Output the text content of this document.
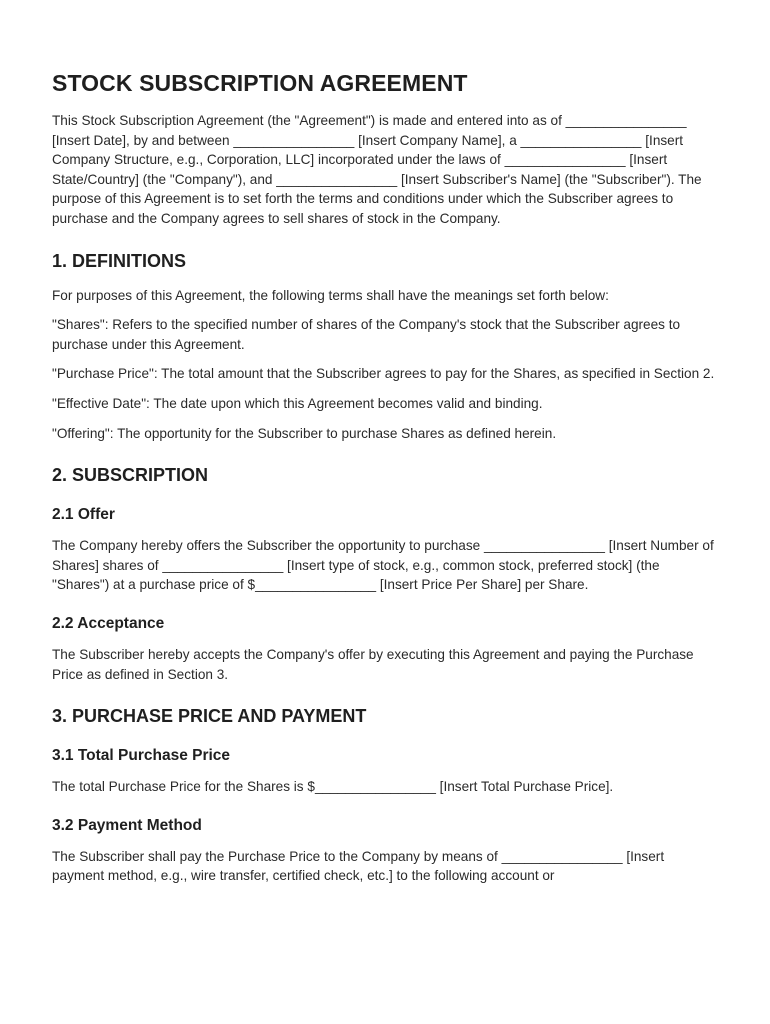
STOCK SUBSCRIPTION AGREEMENT

This Stock Subscription Agreement (the "Agreement") is made and entered into as of ________________ [Insert Date], by and between ________________ [Insert Company Name], a ________________ [Insert Company Structure, e.g., Corporation, LLC] incorporated under the laws of ________________ [Insert State/Country] (the "Company"), and ________________ [Insert Subscriber's Name] (the "Subscriber"). The purpose of this Agreement is to set forth the terms and conditions under which the Subscriber agrees to purchase and the Company agrees to sell shares of stock in the Company.

1. DEFINITIONS

For purposes of this Agreement, the following terms shall have the meanings set forth below:

"Shares": Refers to the specified number of shares of the Company's stock that the Subscriber agrees to purchase under this Agreement.

"Purchase Price": The total amount that the Subscriber agrees to pay for the Shares, as specified in Section 2.

"Effective Date": The date upon which this Agreement becomes valid and binding.

"Offering": The opportunity for the Subscriber to purchase Shares as defined herein.

2. SUBSCRIPTION
2.1 Offer

The Company hereby offers the Subscriber the opportunity to purchase ________________ [Insert Number of Shares] shares of ________________ [Insert type of stock, e.g., common stock, preferred stock] (the "Shares") at a purchase price of $________________ [Insert Price Per Share] per Share.

2.2 Acceptance

The Subscriber hereby accepts the Company's offer by executing this Agreement and paying the Purchase Price as defined in Section 3.

3. PURCHASE PRICE AND PAYMENT
3.1 Total Purchase Price

The total Purchase Price for the Shares is $________________ [Insert Total Purchase Price].

3.2 Payment Method

The Subscriber shall pay the Purchase Price to the Company by means of ________________ [Insert payment method, e.g., wire transfer, certified check, etc.] to the following account or
